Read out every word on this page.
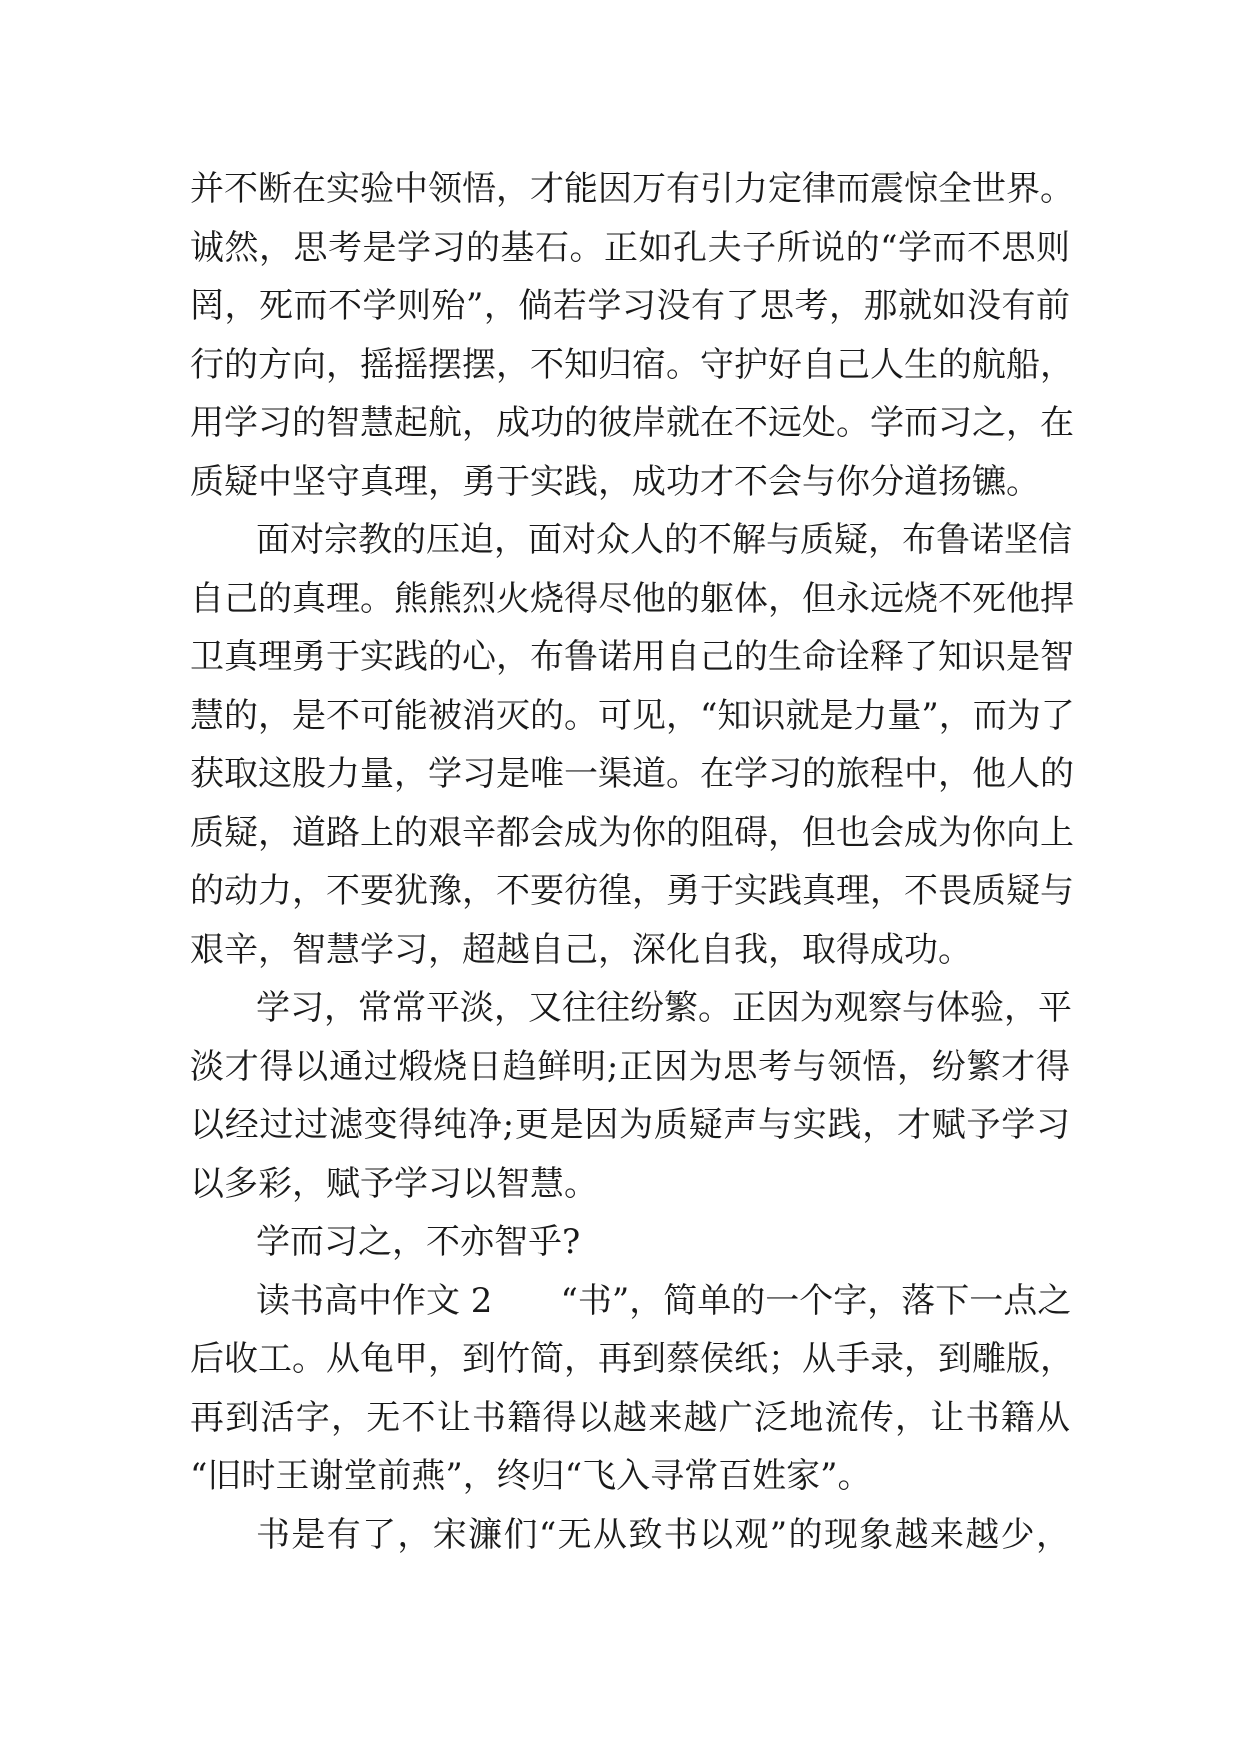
并不断在实验中领悟，才能因万有引力定律而震惊全世界。
诚然，思考是学习的基石。正如孔夫子所说的“学而不思则
罔，死而不学则殆”，倘若学习没有了思考，那就如没有前
行的方向，摇摇摆摆，不知归宿。守护好自己人生的航船，
用学习的智慧起航，成功的彼岸就在不远处。学而习之，在
质疑中坚守真理，勇于实践，成功才不会与你分道扬镳。
面对宗教的压迫，面对众人的不解与质疑，布鲁诺坚信
自己的真理。熊熊烈火烧得尽他的躯体，但永远烧不死他捍
卫真理勇于实践的心，布鲁诺用自己的生命诠释了知识是智
慧的，是不可能被消灭的。可见，“知识就是力量”，而为了
获取这股力量，学习是唯一渠道。在学习的旅程中，他人的
质疑，道路上的艰辛都会成为你的阻碍，但也会成为你向上
的动力，不要犹豫，不要彷徨，勇于实践真理，不畏质疑与
艰辛，智慧学习，超越自己，深化自我，取得成功。
学习，常常平淡，又往往纷繁。正因为观察与体验，平
淡才得以通过煅烧日趋鲜明;正因为思考与领悟，纷繁才得
以经过过滤变得纯净;更是因为质疑声与实践，才赋予学习
以多彩，赋予学习以智慧。
学而习之，不亦智乎?
读书高中作文 2　　“书”，简单的一个字，落下一点之
后收工。从龟甲，到竹简，再到蔡侯纸；从手录，到雕版，
再到活字，无不让书籍得以越来越广泛地流传，让书籍从
“旧时王谢堂前燕”，终归“飞入寻常百姓家”。
书是有了，宋濂们“无从致书以观”的现象越来越少，
